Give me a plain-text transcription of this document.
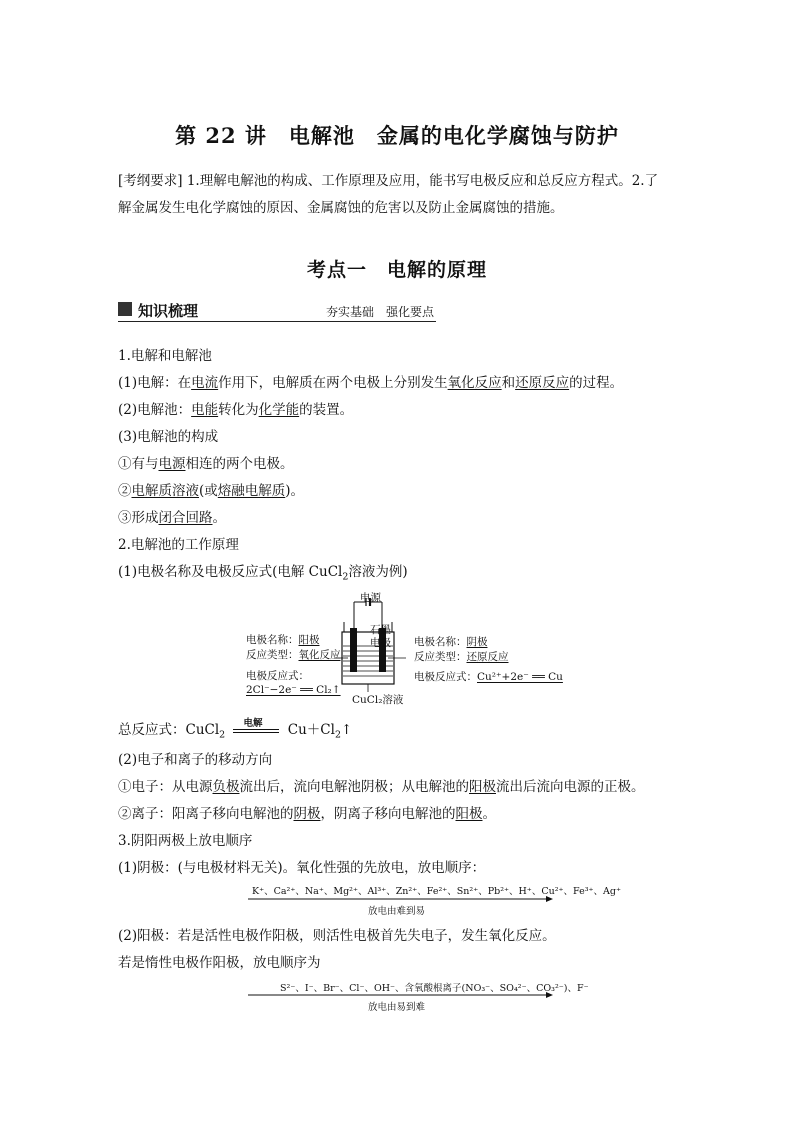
第 22 讲　电解池　金属的电化学腐蚀与防护
[考纲要求] 1.理解电解池的构成、工作原理及应用，能书写电极反应和总反应方程式。2.了
解金属发生电化学腐蚀的原因、金属腐蚀的危害以及防止金属腐蚀的措施。
考点一　电解的原理
知识梳理	夯实基础　强化要点
1.电解和电解池
(1)电解：在电流作用下，电解质在两个电极上分别发生氧化反应和还原反应的过程。
(2)电解池：电能转化为化学能的装置。
(3)电解池的构成
①有与电源相连的两个电极。
②电解质溶液(或熔融电解质)。
③形成闭合回路。
2.电解池的工作原理
(1)电极名称及电极反应式(电解 CuCl$_2$溶液为例)
电源
石墨
电极
电极名称：阳极
反应类型：氧化反应
电极反应式：
2Cl⁻−2e⁻ ══ Cl₂↑
电极名称：阴极
反应类型：还原反应
电极反应式：Cu²⁺+2e⁻ ══ Cu
CuCl₂溶液
总反应式：CuCl$_2$
电解 $Cu+Cl_2↑$
(2)电子和离子的移动方向
①电子：从电源负极流出后，流向电解池阴极；从电解池的阳极流出后流向电源的正极。
②离子：阳离子移向电解池的阴极，阴离子移向电解池的阳极。
3.阴阳两极上放电顺序
(1)阴极：(与电极材料无关)。氧化性强的先放电，放电顺序：
K⁺、Ca²⁺、Na⁺、Mg²⁺、Al³⁺、Zn²⁺、Fe²⁺、Sn²⁺、Pb²⁺、H⁺、Cu²⁺、Fe³⁺、Ag⁺
放电由难到易
(2)阳极：若是活性电极作阳极，则活性电极首先失电子，发生氧化反应。
若是惰性电极作阳极，放电顺序为
S²⁻、I⁻、Br⁻、Cl⁻、OH⁻、含氧酸根离子(NO₃⁻、SO₄²⁻、CO₃²⁻)、F⁻
放电由易到难
